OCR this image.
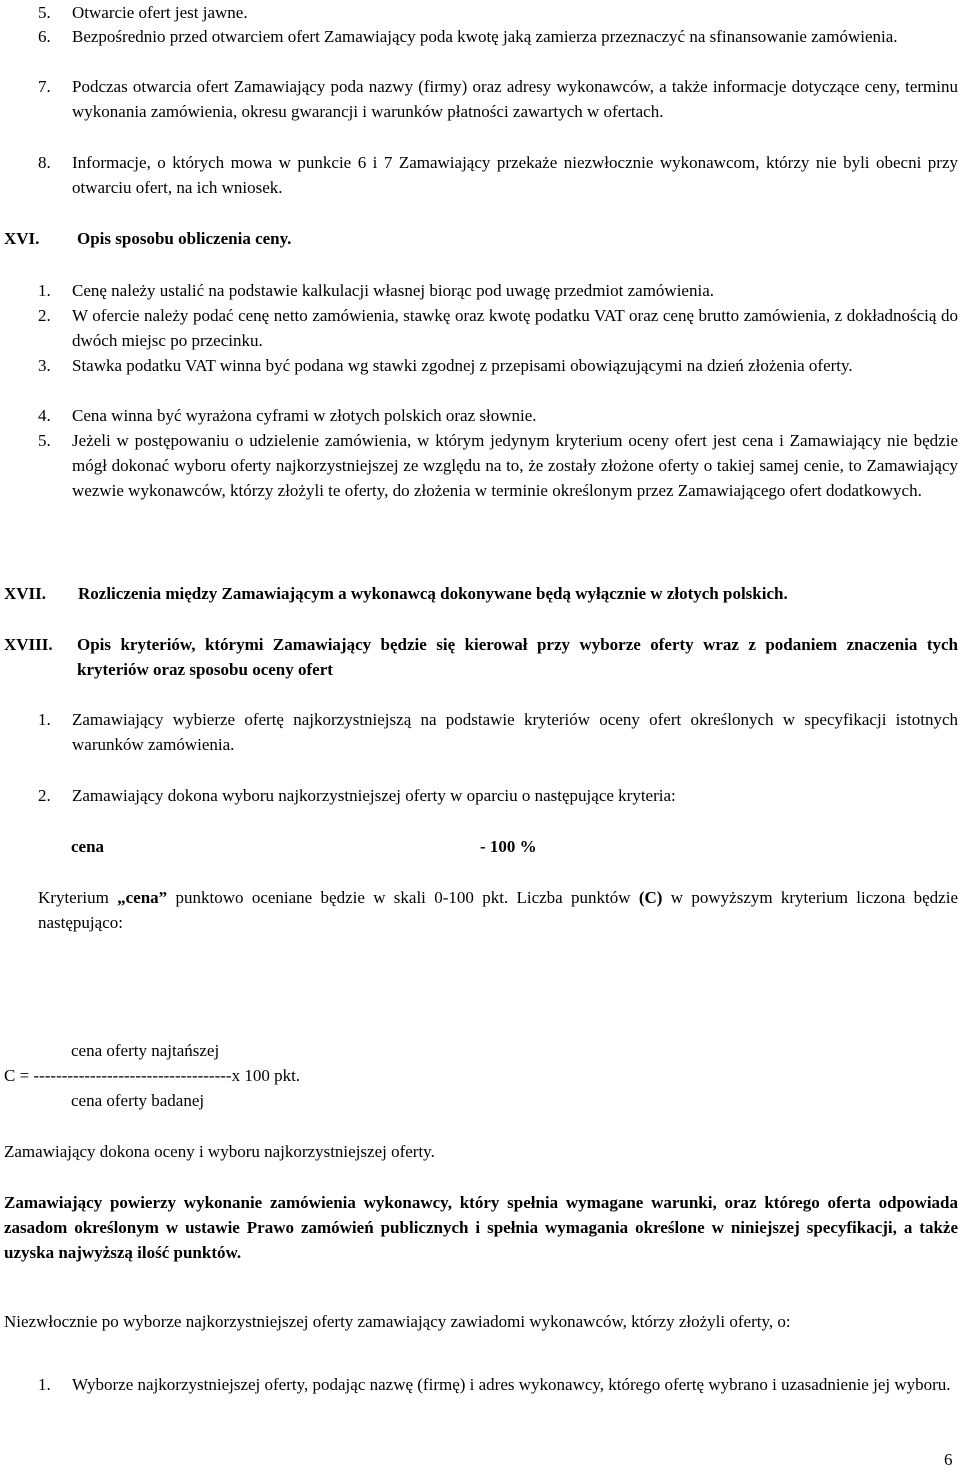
5. Otwarcie ofert jest jawne.
6. Bezpośrednio przed otwarciem ofert Zamawiający poda kwotę jaką zamierza przeznaczyć na sfinansowanie zamówienia.
7. Podczas otwarcia ofert Zamawiający poda nazwy (firmy) oraz adresy wykonawców, a także informacje dotyczące ceny, terminu wykonania zamówienia, okresu gwarancji i warunków płatności zawartych w ofertach.
8. Informacje, o których mowa w punkcie 6 i 7 Zamawiający przekaże niezwłocznie wykonawcom, którzy nie byli obecni przy otwarciu ofert, na ich wniosek.
XVI. Opis sposobu obliczenia ceny.
1. Cenę należy ustalić na podstawie kalkulacji własnej biorąc pod uwagę przedmiot zamówienia.
2. W ofercie należy podać cenę netto zamówienia, stawkę oraz kwotę podatku VAT oraz cenę brutto zamówienia, z dokładnością do dwóch miejsc po przecinku.
3. Stawka podatku VAT winna być podana wg stawki zgodnej z przepisami obowiązującymi na dzień złożenia oferty.
4. Cena winna być wyrażona cyframi w złotych polskich oraz słownie.
5. Jeżeli w postępowaniu o udzielenie zamówienia, w którym jedynym kryterium oceny ofert jest cena i Zamawiający nie będzie mógł dokonać wyboru oferty najkorzystniejszej ze względu na to, że zostały złożone oferty o takiej samej cenie, to Zamawiający wezwie wykonawców, którzy złożyli te oferty, do złożenia w terminie określonym przez Zamawiającego ofert dodatkowych.
XVII. Rozliczenia między Zamawiającym a wykonawcą dokonywane będą wyłącznie w złotych polskich.
XVIII. Opis kryteriów, którymi Zamawiający będzie się kierował przy wyborze oferty wraz z podaniem znaczenia tych kryteriów oraz sposobu oceny ofert
1. Zamawiający wybierze ofertę najkorzystniejszą na podstawie kryteriów oceny ofert określonych w specyfikacji istotnych warunków zamówienia.
2. Zamawiający dokona wyboru najkorzystniejszej oferty w oparciu o następujące kryteria:
cena	- 100 %
Kryterium „cena” punktowo oceniane będzie w skali 0-100 pkt. Liczba punktów (C) w powyższym kryterium liczona będzie następująco:
cena oferty najtańszej
C = -----------------------------------x 100 pkt.
cena oferty badanej
Zamawiający dokona oceny i wyboru najkorzystniejszej oferty.
Zamawiający powierzy wykonanie zamówienia wykonawcy, który spełnia wymagane warunki, oraz którego oferta odpowiada zasadom określonym w ustawie Prawo zamówień publicznych i spełnia wymagania określone w niniejszej specyfikacji, a także uzyska najwyższą ilość punktów.
Niezwłocznie po wyborze najkorzystniejszej oferty zamawiający zawiadomi wykonawców, którzy złożyli oferty, o:
1. Wyborze najkorzystniejszej oferty, podając nazwę (firmę) i adres wykonawcy, którego ofertę wybrano i uzasadnienie jej wyboru.
6
